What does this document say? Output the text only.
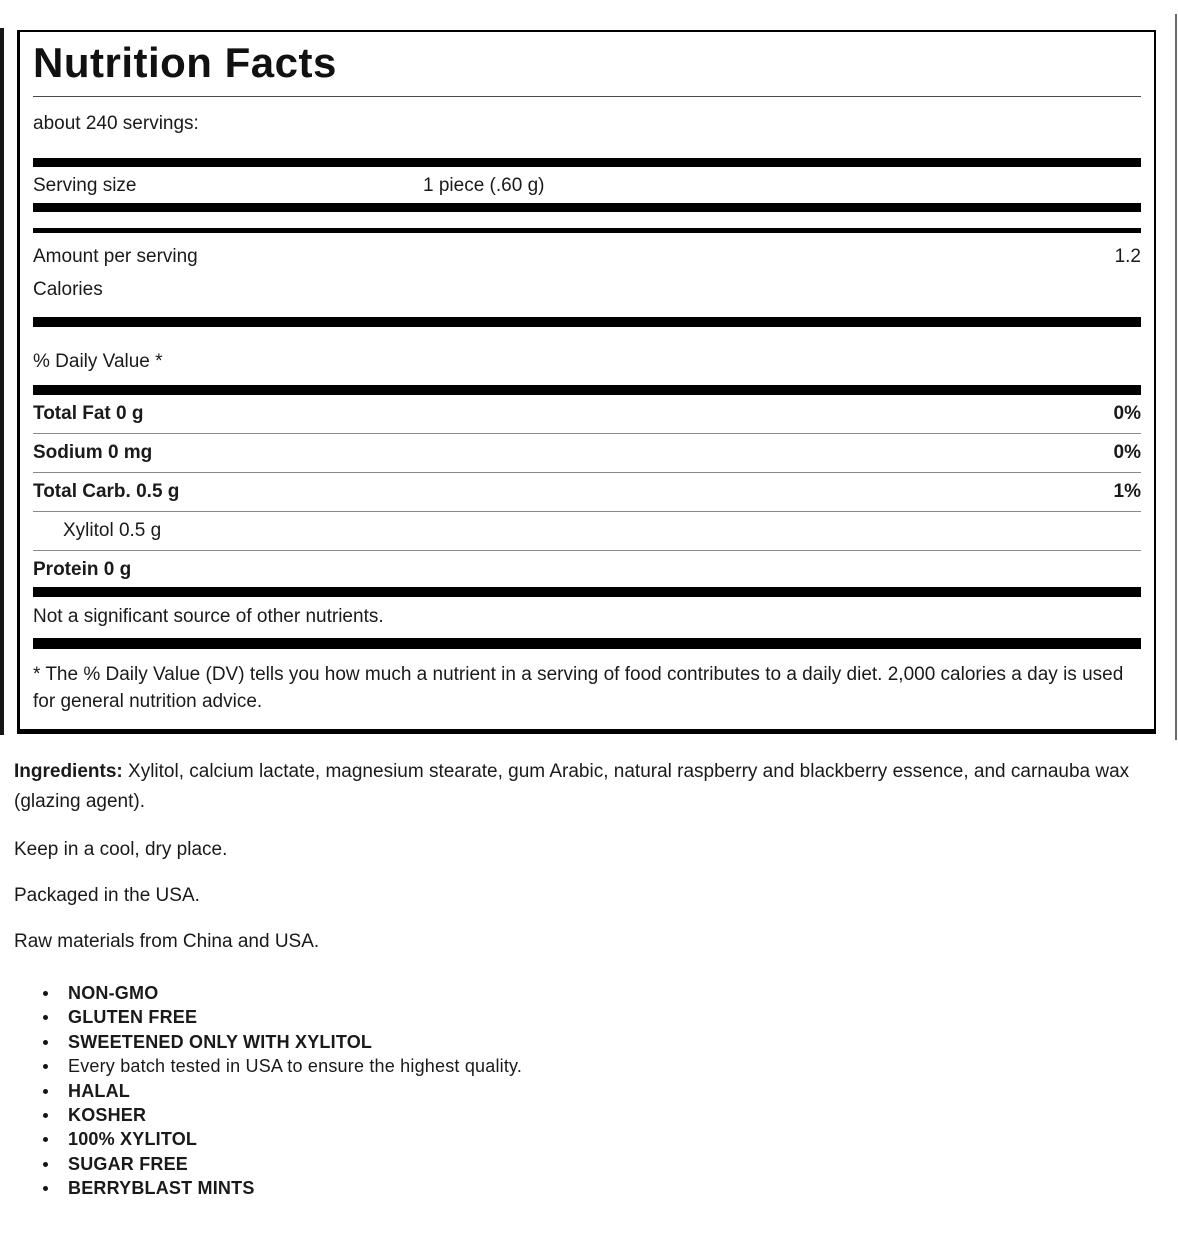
Nutrition Facts
about 240 servings:
Serving size	1 piece (.60 g)
Amount per serving	1.2
Calories
% Daily Value *
Total Fat 0 g	0%
Sodium 0 mg	0%
Total Carb. 0.5 g	1%
Xylitol 0.5 g
Protein 0 g
Not a significant source of other nutrients.
* The % Daily Value (DV) tells you how much a nutrient in a serving of food contributes to a daily diet. 2,000 calories a day is used for general nutrition advice.

Ingredients: Xylitol, calcium lactate, magnesium stearate, gum Arabic, natural raspberry and blackberry essence, and carnauba wax (glazing agent).

Keep in a cool, dry place.

Packaged in the USA.

Raw materials from China and USA.

NON-GMO
GLUTEN FREE
SWEETENED ONLY WITH XYLITOL
Every batch tested in USA to ensure the highest quality.
HALAL
KOSHER
100% XYLITOL
SUGAR FREE
BERRYBLAST MINTS
